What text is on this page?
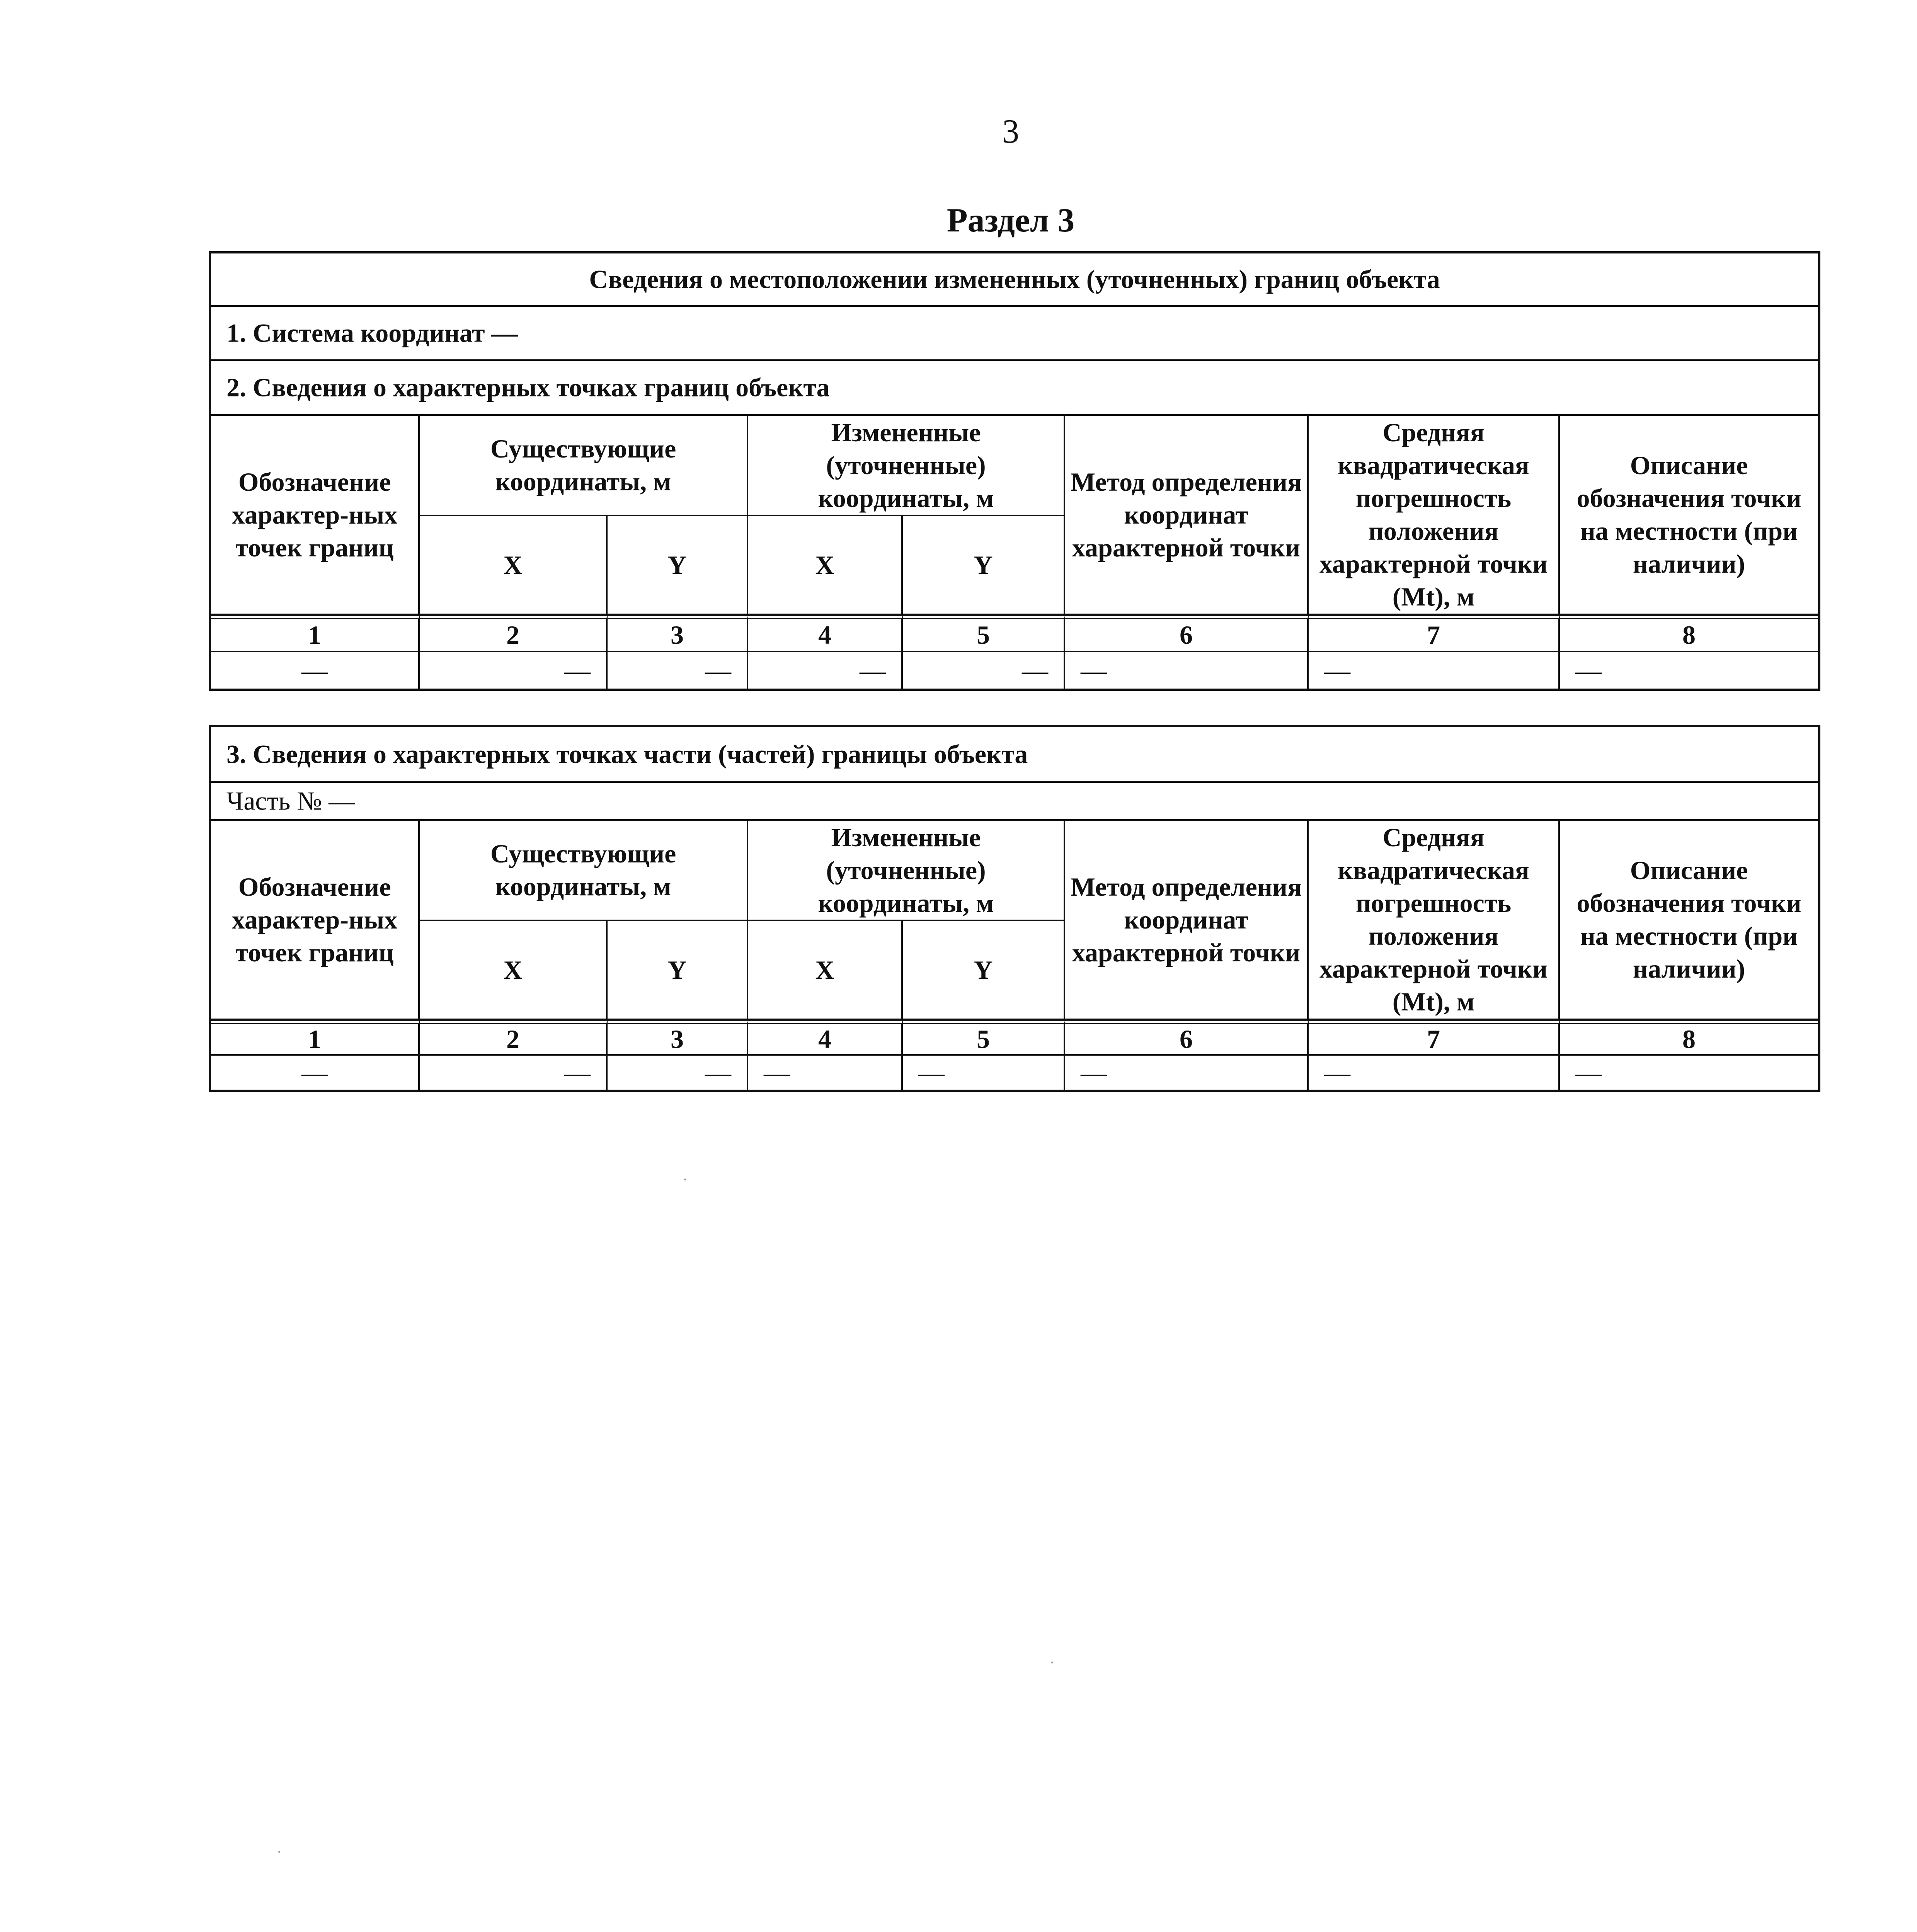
3
Раздел 3
Сведения о местоположении измененных (уточненных) границ объекта
1. Система координат —
2. Сведения о характерных точках границ объекта
Обозначение характер-ных точек границ
Существующие координаты, м
Измененные (уточненные) координаты, м
Метод определения координат характерной точки
Средняя квадратическая погрешность положения характерной точки (Mt), м
Описание обозначения точки на местности (при наличии)
X	Y	X	Y
1	2	3	4	5	6	7	8
—	—	—	—	—	—	—	—
3. Сведения о характерных точках части (частей) границы объекта
Часть № —
Обозначение характер-ных точек границ
Существующие координаты, м
Измененные (уточненные) координаты, м
Метод определения координат характерной точки
Средняя квадратическая погрешность положения характерной точки (Mt), м
Описание обозначения точки на местности (при наличии)
X	Y	X	Y
1	2	3	4	5	6	7	8
—	—	—	—	—	—	—	—
